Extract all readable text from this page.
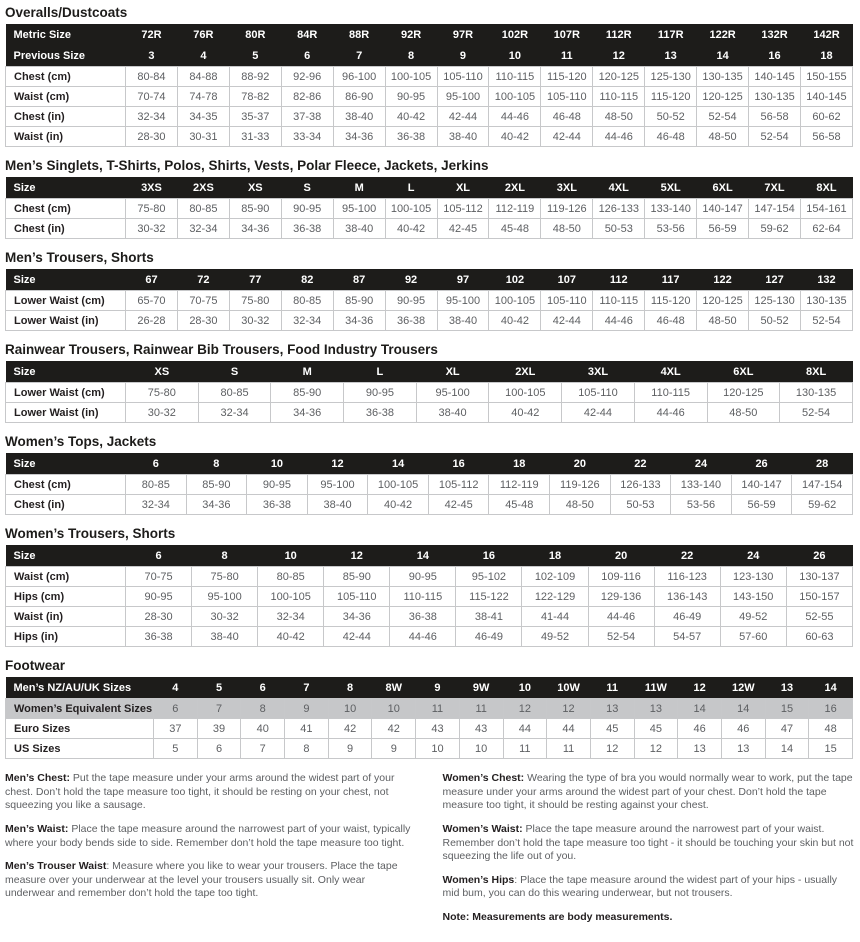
Overalls/Dustcoats
Metric Size	72R	76R	80R	84R	88R	92R	97R	102R	107R	112R	117R	122R	132R	142R
Previous Size	3	4	5	6	7	8	9	10	11	12	13	14	16	18
Chest (cm)	80-84	84-88	88-92	92-96	96-100	100-105	105-110	110-115	115-120	120-125	125-130	130-135	140-145	150-155
Waist (cm)	70-74	74-78	78-82	82-86	86-90	90-95	95-100	100-105	105-110	110-115	115-120	120-125	130-135	140-145
Chest (in)	32-34	34-35	35-37	37-38	38-40	40-42	42-44	44-46	46-48	48-50	50-52	52-54	56-58	60-62
Waist (in)	28-30	30-31	31-33	33-34	34-36	36-38	38-40	40-42	42-44	44-46	46-48	48-50	52-54	56-58
Men’s Singlets, T-Shirts, Polos, Shirts, Vests, Polar Fleece, Jackets, Jerkins
Size	3XS	2XS	XS	S	M	L	XL	2XL	3XL	4XL	5XL	6XL	7XL	8XL
Chest (cm)	75-80	80-85	85-90	90-95	95-100	100-105	105-112	112-119	119-126	126-133	133-140	140-147	147-154	154-161
Chest (in)	30-32	32-34	34-36	36-38	38-40	40-42	42-45	45-48	48-50	50-53	53-56	56-59	59-62	62-64
Men’s Trousers, Shorts
Size	67	72	77	82	87	92	97	102	107	112	117	122	127	132
Lower Waist (cm)	65-70	70-75	75-80	80-85	85-90	90-95	95-100	100-105	105-110	110-115	115-120	120-125	125-130	130-135
Lower Waist (in)	26-28	28-30	30-32	32-34	34-36	36-38	38-40	40-42	42-44	44-46	46-48	48-50	50-52	52-54
Rainwear Trousers, Rainwear Bib Trousers, Food Industry Trousers
Size	XS	S	M	L	XL	2XL	3XL	4XL	6XL	8XL
Lower Waist (cm)	75-80	80-85	85-90	90-95	95-100	100-105	105-110	110-115	120-125	130-135
Lower Waist (in)	30-32	32-34	34-36	36-38	38-40	40-42	42-44	44-46	48-50	52-54
Women’s Tops, Jackets
Size	6	8	10	12	14	16	18	20	22	24	26	28
Chest (cm)	80-85	85-90	90-95	95-100	100-105	105-112	112-119	119-126	126-133	133-140	140-147	147-154
Chest (in)	32-34	34-36	36-38	38-40	40-42	42-45	45-48	48-50	50-53	53-56	56-59	59-62
Women’s Trousers, Shorts
Size	6	8	10	12	14	16	18	20	22	24	26
Waist (cm)	70-75	75-80	80-85	85-90	90-95	95-102	102-109	109-116	116-123	123-130	130-137
Hips (cm)	90-95	95-100	100-105	105-110	110-115	115-122	122-129	129-136	136-143	143-150	150-157
Waist (in)	28-30	30-32	32-34	34-36	36-38	38-41	41-44	44-46	46-49	49-52	52-55
Hips (in)	36-38	38-40	40-42	42-44	44-46	46-49	49-52	52-54	54-57	57-60	60-63
Footwear
Men’s NZ/AU/UK Sizes	4	5	6	7	8	8W	9	9W	10	10W	11	11W	12	12W	13	14
Women’s Equivalent Sizes	6	7	8	9	10	10	11	11	12	12	13	13	14	14	15	16
Euro Sizes	37	39	40	41	42	42	43	43	44	44	45	45	46	46	47	48
US Sizes	5	6	7	8	9	9	10	10	11	11	12	12	13	13	14	15

Men’s Chest: Put the tape measure under your arms around the widest part of your chest. Don’t hold the tape measure too tight, it should be resting on your chest, not squeezing you like a sausage.

Men’s Waist: Place the tape measure around the narrowest part of your waist, typically where your body bends side to side. Remember don’t hold the tape measure too tight.

Men’s Trouser Waist: Measure where you like to wear your trousers. Place the tape measure over your underwear at the level your trousers usually sit. Only wear underwear and remember don’t hold the tape too tight.

Women’s Chest: Wearing the type of bra you would normally wear to work, put the tape measure under your arms around the widest part of your chest. Don’t hold the tape measure too tight, it should be resting against your chest.

Women’s Waist: Place the tape measure around the narrowest part of your waist. Remember don’t hold the tape measure too tight - it should be touching your skin but not squeezing the life out of you.

Women’s Hips: Place the tape measure around the widest part of your hips - usually mid bum, you can do this wearing underwear, but not trousers.

Note: Measurements are body measurements.
